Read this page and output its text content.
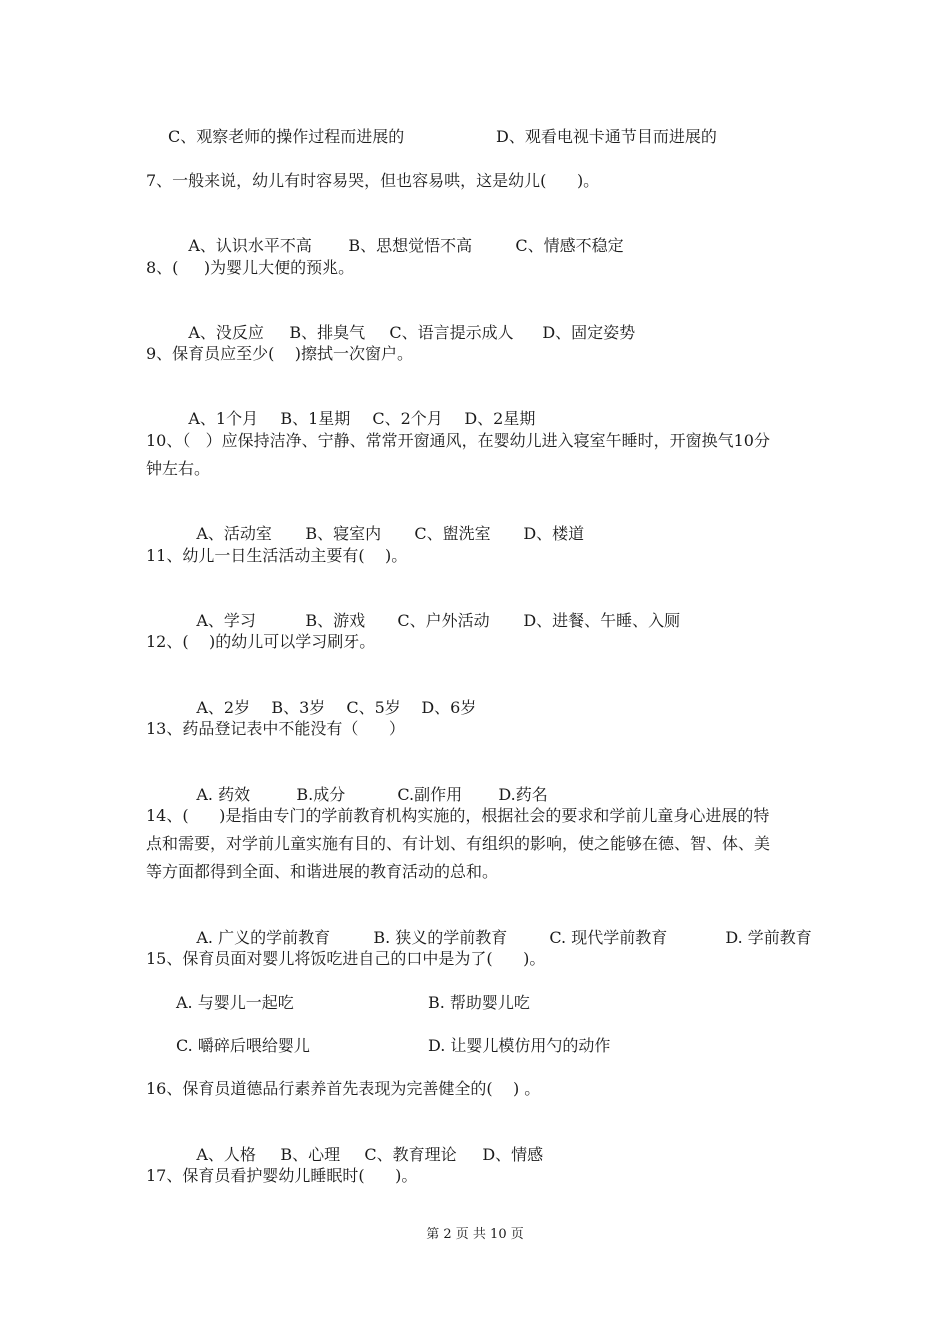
C、观察老师的操作过程而进展的	D、观看电视卡通节目而进展的
7、一般来说，幼儿有时容易哭，但也容易哄，这是幼儿(      )。

A、认识水平不高 B、思想觉悟不高	C、情感不稳定

8、(     )为婴儿大便的预兆。

A、没反应 B、排臭气 C、语言提示成人 D、固定姿势

9、保育员应至少(    )擦拭一次窗户。

A、1个月 B、1星期 C、2个月 D、2星期

10、（   ）应保持洁净、宁静、常常开窗通风，在婴幼儿进入寝室午睡时，开窗换气10分
钟左右。

A、活动室 B、寝室内 C、盥洗室 D、楼道

11、幼儿一日生活活动主要有(    )。

A、学习	B、游戏 C、户外活动 D、进餐、午睡、入厕

12、(    )的幼儿可以学习刷牙。

A、2岁 B、3岁 C、5岁 D、6岁

13、药品登记表中不能没有（      ）

A. 药效	B.成分	C.副作用 D.药名

14、(      )是指由专门的学前教育机构实施的，根据社会的要求和学前儿童身心进展的特
点和需要，对学前儿童实施有目的、有计划、有组织的影响，使之能够在德、智、体、美
等方面都得到全面、和谐进展的教育活动的总和。

A. 广义的学前教育	B. 狭义的学前教育	C. 现代学前教育	D. 学前教育

15、保育员面对婴儿将饭吃进自己的口中是为了(      )。
A. 与婴儿一起吃	B. 帮助婴儿吃
C. 嚼碎后喂给婴儿	D. 让婴儿模仿用勺的动作
16、保育员道德品行素养首先表现为完善健全的(    ) 。

A、人格 B、心理 C、教育理论 D、情感

17、保育员看护婴幼儿睡眠时(      )。
第 2 页 共 10 页
